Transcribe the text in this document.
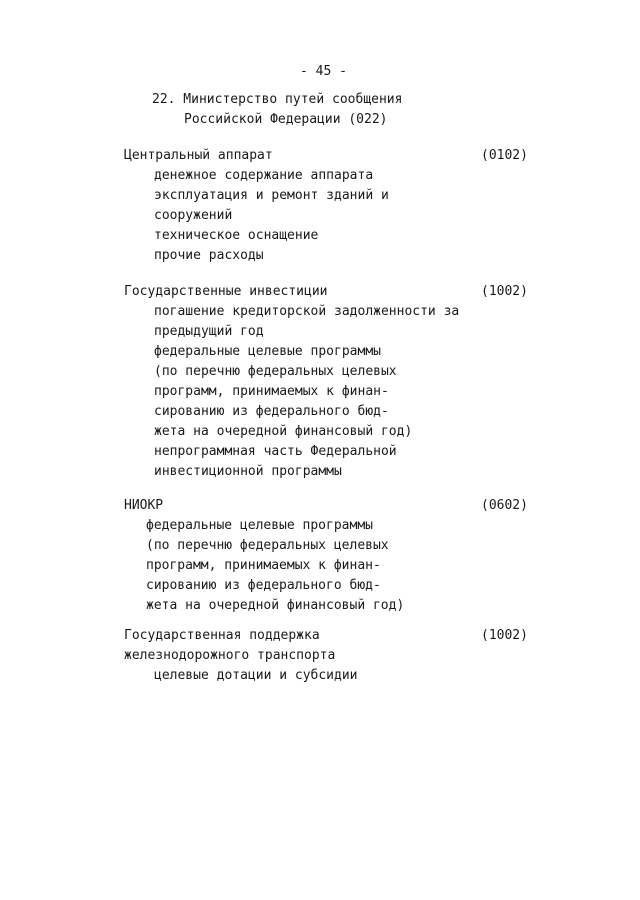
- 45 -
22. Министерство путей сообщения
Российской Федерации (022)
Центральный аппарат	(0102)
денежное содержание аппарата
эксплуатация и ремонт зданий и
сооружений
техническое оснащение
прочие расходы
Государственные инвестиции	(1002)
погашение кредиторской задолженности за
предыдущий год
федеральные целевые программы
(по перечню федеральных целевых
программ, принимаемых к финан-
сированию из федерального бюд-
жета на очередной финансовый год)
непрограммная часть Федеральной
инвестиционной программы
НИОКР	(0602)
федеральные целевые программы
(по перечню федеральных целевых
программ, принимаемых к финан-
сированию из федерального бюд-
жета на очередной финансовый год)
Государственная поддержка	(1002)
железнодорожного транспорта
целевые дотации и субсидии
